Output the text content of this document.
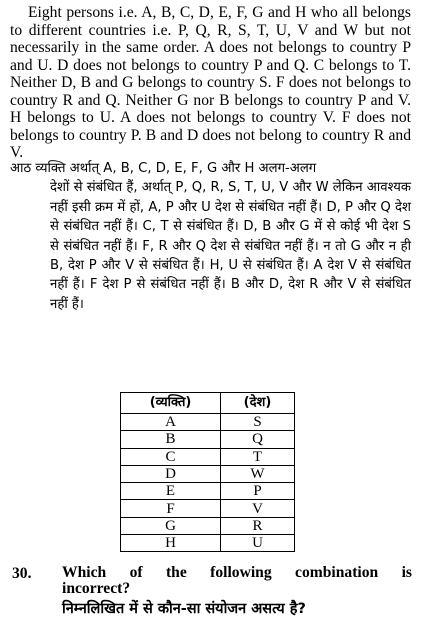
Eight persons i.e. A, B, C, D, E, F, G and H who all belongs to different countries i.e. P, Q, R, S, T, U, V and W but not necessarily in the same order. A does not belongs to country P and U. D does not belongs to country P and Q. C belongs to T. Neither D, B and G belongs to country S. F does not belongs to country R and Q. Neither G nor B belongs to country P and V. H belongs to U. A does not belongs to country V. F does not belongs to country P. B and D does not belong to country R and V.

आठ व्यक्ति अर्थात् A, B, C, D, E, F, G और H अलग-अलग
देशों से संबंधित हैं, अर्थात् P, Q, R, S, T, U, V और W लेकिन आवश्यक नहीं इसी क्रम में हों, A, P और U देश से संबंधित नहीं हैं। D, P और Q देश से संबंधित नहीं हैं। C, T से संबंधित हैं। D, B और G में से कोई भी देश S से संबंधित नहीं हैं। F, R और Q देश से संबंधित नहीं हैं। न तो G और न ही B, देश P और V से संबंधित हैं। H, U से संबंधित हैं। A देश V से संबंधित नहीं हैं। F देश P से संबंधित नहीं हैं। B और D, देश R और V से संबंधित नहीं हैं।
(व्यक्ति)	(देश)
A	S
B	Q
C	T
D	W
E	P
F	V
G	R
H	U
30. Which of the following combination is
incorrect?
निम्नलिखित में से कौन-सा संयोजन असत्य है?
